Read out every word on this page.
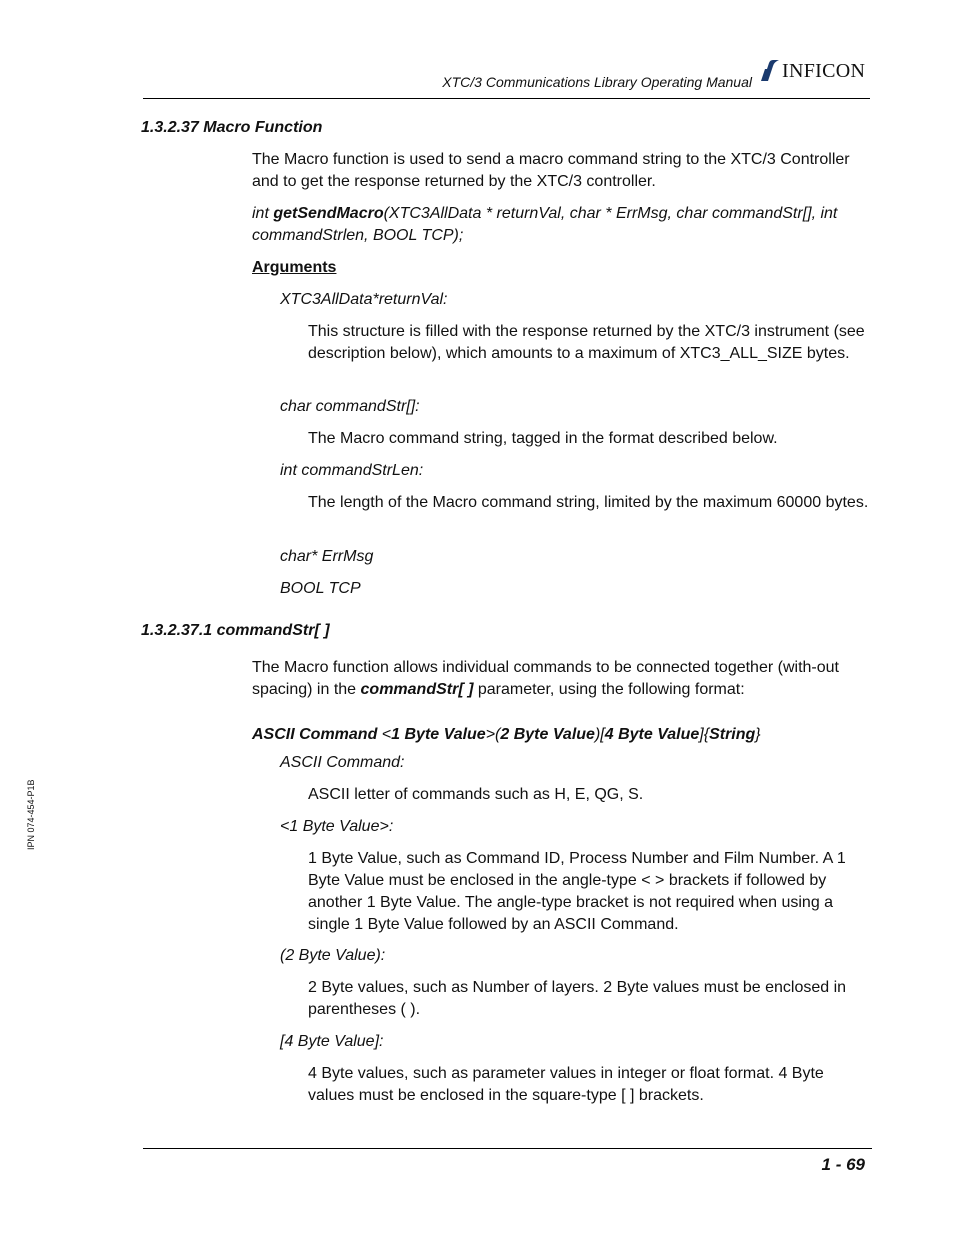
XTC/3 Communications Library Operating Manual INFICON
IPN 074-454-P1B
1.3.2.37 Macro Function
The Macro function is used to send a macro command string to the XTC/3 Controller and to get the response returned by the XTC/3 controller.
int getSendMacro(XTC3AllData * returnVal, char * ErrMsg, char commandStr[], int commandStrlen, BOOL TCP);
Arguments
XTC3AllData*returnVal:
This structure is filled with the response returned by the XTC/3 instrument (see description below), which amounts to a maximum of XTC3_ALL_SIZE bytes.
char commandStr[]:
The Macro command string, tagged in the format described below.
int commandStrLen:
The length of the Macro command string, limited by the maximum 60000 bytes.
char* ErrMsg
BOOL TCP
1.3.2.37.1 commandStr[ ]
The Macro function allows individual commands to be connected together (with-out spacing) in the commandStr[ ] parameter, using the following format:
ASCII Command <1 Byte Value>(2 Byte Value)[4 Byte Value]{String}
ASCII Command:
ASCII letter of commands such as H, E, QG, S.
<1 Byte Value>:
1 Byte Value, such as Command ID, Process Number and Film Number. A 1 Byte Value must be enclosed in the angle-type < > brackets if followed by another 1 Byte Value. The angle-type bracket is not required when using a single 1 Byte Value followed by an ASCII Command.
(2 Byte Value):
2 Byte values, such as Number of layers. 2 Byte values must be enclosed in parentheses ( ).
[4 Byte Value]:
4 Byte values, such as parameter values in integer or float format. 4 Byte values must be enclosed in the square-type [ ] brackets.
1 - 69
